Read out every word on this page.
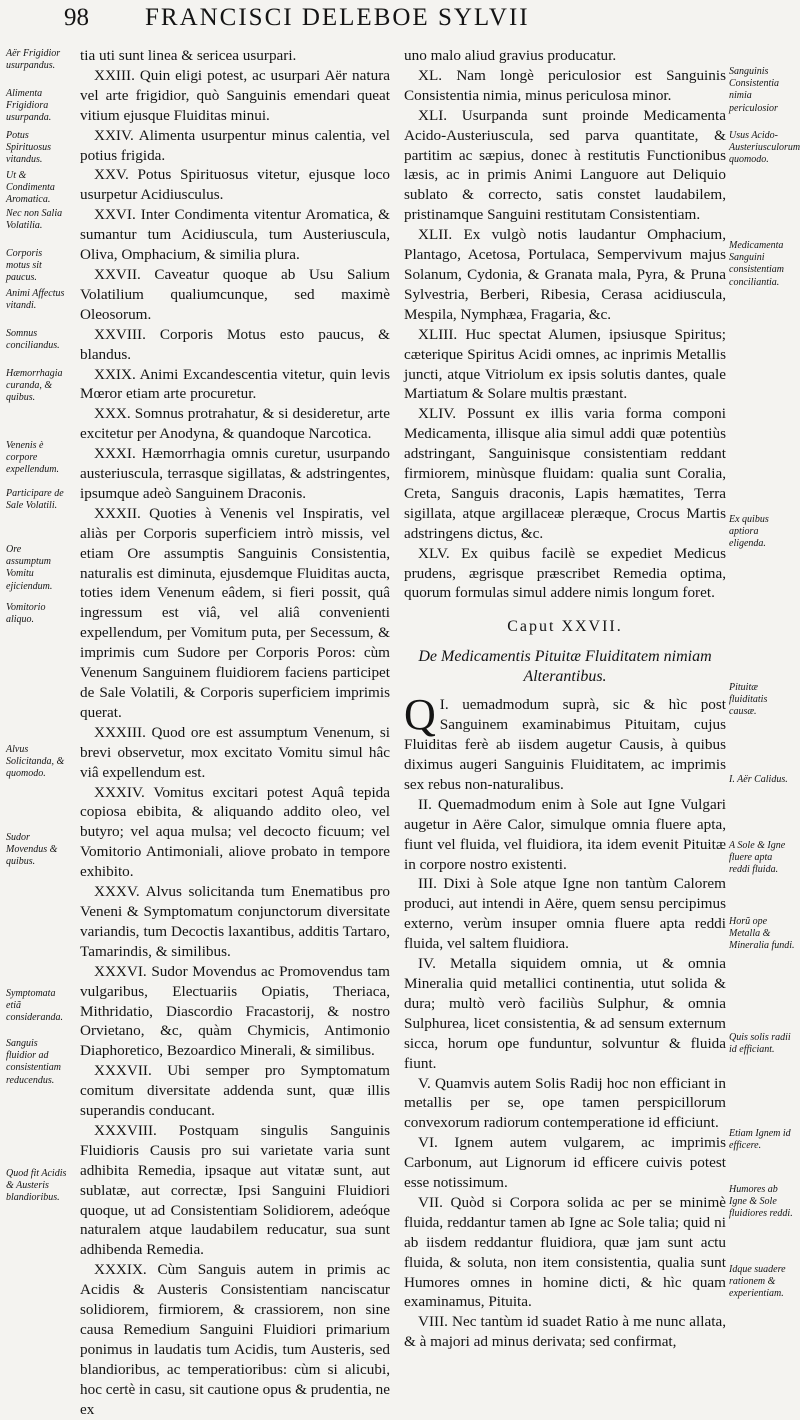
98 FRANCISCI DELEBOE SYLVII
Aër Frigidior usurpandus.
Alimenta Frigidiora usurpanda.
Potus Spirituosus vitandus.
Ut & Condimenta Aromatica.
Nec non Salia Volatilia.
Corporis motus sit paucus.
Animi Affectus vitandi.
Somnus conciliandus.
Hæmorrhagia curanda, & quibus.
Venenis è corpore expellendum.
Participare de Sale Volatili.
Ore assumptum Vomitu ejiciendum.
Vomitorio aliquo.
Alvus Solicitanda, & quomodo.
Sudor Movendus & quibus.
Symptomata etiã consideranda.
Sanguis fluidior ad consistentiam reducendus.
Quod fit Acidis & Austeris blandioribus.
Sanguinis Consistentia nimia periculosior
Usus Acido-Austeriusculorum quomodo.
Medicamenta Sanguini consistentiam conciliantia.
Ex quibus aptiora eligenda.
Pituitæ fluiditatis causæ.
I. Aër Calidus.
A Sole & Igne fluere apta reddi fluida.
Horũ ope Metalla & Mineralia fundi.
Quis solis radii id efficiant.
Etiam Ignem id efficere.
Humores ab Igne & Sole fluidiores reddi.
Idque suadere rationem & experientiam.

tia uti sunt linea & sericea usurpari.

XXIII. Quin eligi potest, ac usurpari Aër natura vel arte frigidior, quò Sanguinis emendari queat vitium ejusque Fluiditas minui.

XXIV. Alimenta usurpentur minus calentia, vel potius frigida.

XXV. Potus Spirituosus vitetur, ejusque loco usurpetur Acidiusculus.

XXVI. Inter Condimenta vitentur Aromatica, & sumantur tum Acidiuscula, tum Austeriuscula, Oliva, Omphacium, & similia plura.

XXVII. Caveatur quoque ab Usu Salium Volatilium qualiumcunque, sed maximè Oleosorum.

XXVIII. Corporis Motus esto paucus, & blandus.

XXIX. Animi Excandescentia vitetur, quin levis Mœror etiam arte procuretur.

XXX. Somnus protrahatur, & si desideretur, arte excitetur per Anodyna, & quandoque Narcotica.

XXXI. Hæmorrhagia omnis curetur, usurpando austeriuscula, terrasque sigillatas, & adstringentes, ipsumque adeò Sanguinem Draconis.

XXXII. Quoties à Venenis vel Inspiratis, vel aliàs per Corporis superficiem intrò missis, vel etiam Ore assumptis Sanguinis Consistentia, naturalis est diminuta, ejusdemque Fluiditas aucta, toties idem Venenum eâdem, si fieri possit, quâ ingressum est viâ, vel aliâ convenienti expellendum, per Vomitum puta, per Secessum, & imprimis cum Sudore per Corporis Poros: cùm Venenum Sanguinem fluidiorem faciens participet de Sale Volatili, & Corporis superficiem imprimis querat.

XXXIII. Quod ore est assumptum Venenum, si brevi observetur, mox excitato Vomitu simul hâc viâ expellendum est.

XXXIV. Vomitus excitari potest Aquâ tepida copiosa ebibita, & aliquando addito oleo, vel butyro; vel aqua mulsa; vel decocto ficuum; vel Vomitorio Antimoniali, aliove probato in tempore exhibito.

XXXV. Alvus solicitanda tum Enematibus pro Veneni & Symptomatum conjunctorum diversitate variandis, tum Decoctis laxantibus, additis Tartaro, Tamarindis, & similibus.

XXXVI. Sudor Movendus ac Promovendus tam vulgaribus, Electuariis Opiatis, Theriaca, Mithridatio, Diascordio Fracastorij, & nostro Orvietano, &c, quàm Chymicis, Antimonio Diaphoretico, Bezoardico Minerali, & similibus.

XXXVII. Ubi semper pro Symptomatum comitum diversitate addenda sunt, quæ illis superandis conducant.

XXXVIII. Postquam singulis Sanguinis Fluidioris Causis pro sui varietate varia sunt adhibita Remedia, ipsaque aut vitatæ sunt, aut sublatæ, aut correctæ, Ipsi Sanguini Fluidiori quoque, ut ad Consistentiam Solidiorem, adeóque naturalem atque laudabilem reducatur, sua sunt adhibenda Remedia.

XXXIX. Cùm Sanguis autem in primis ac Acidis & Austeris Consistentiam nanciscatur solidiorem, firmiorem, & crassiorem, non sine causa Remedium Sanguini Fluidiori primarium ponimus in laudatis tum Acidis, tum Austeris, sed blandioribus, ac temperatioribus: cùm si alicubi, hoc certè in casu, sit cautione opus & prudentia, ne ex

uno malo aliud gravius producatur.

XL. Nam longè periculosior est Sanguinis Consistentia nimia, minus periculosa minor.

XLI. Usurpanda sunt proinde Medicamenta Acido-Austeriuscula, sed parva quantitate, & partitim ac sæpius, donec à restitutis Functionibus læsis, ac in primis Animi Languore aut Deliquio sublato & correcto, satis constet laudabilem, pristinamque Sanguini restitutam Consistentiam.

XLII. Ex vulgò notis laudantur Omphacium, Plantago, Acetosa, Portulaca, Sempervivum majus Solanum, Cydonia, & Granata mala, Pyra, & Pruna Sylvestria, Berberi, Ribesia, Cerasa acidiuscula, Mespila, Nymphæa, Fragaria, &c.

XLIII. Huc spectat Alumen, ipsiusque Spiritus; cæterique Spiritus Acidi omnes, ac inprimis Metallis juncti, atque Vitriolum ex ipsis solutis dantes, quale Martiatum & Solare multis præstant.

XLIV. Possunt ex illis varia forma componi Medicamenta, illisque alia simul addi quæ potentiùs adstringant, Sanguinisque consistentiam reddant firmiorem, minùsque fluidam: qualia sunt Coralia, Creta, Sanguis draconis, Lapis hæmatites, Terra sigillata, atque argillaceæ pleræque, Crocus Martis adstringens dictus, &c.

XLV. Ex quibus facilè se expediet Medicus prudens, ægrisque præscribet Remedia optima, quorum formulas simul addere nimis longum foret.

Caput XXVII.
De Medicamentis Pituitæ Fluiditatem nimiam Alterantibus.

I.
Q uemadmodum suprà, sic & hìc post Sanguinem examinabimus Pituitam, cujus Fluiditas ferè ab iisdem augetur Causis, à quibus diximus augeri Sanguinis Fluiditatem, ac imprimis sex rebus non-naturalibus.

II. Quemadmodum enim à Sole aut Igne Vulgari augetur in Aëre Calor, simulque omnia fluere apta, fiunt vel fluida, vel fluidiora, ita idem evenit Pituitæ in corpore nostro existenti.

III. Dixi à Sole atque Igne non tantùm Calorem produci, aut intendi in Aëre, quem sensu percipimus externo, verùm insuper omnia fluere apta reddi fluida, vel saltem fluidiora.

IV. Metalla siquidem omnia, ut & omnia Mineralia quid metallici continentia, utut solida & dura; multò verò faciliùs Sulphur, & omnia Sulphurea, licet consistentia, & ad sensum externum sicca, horum ope funduntur, solvuntur & fluida fiunt.

V. Quamvis autem Solis Radij hoc non efficiant in metallis per se, ope tamen perspicillorum convexorum radiorum contemperatione id efficiunt.

VI. Ignem autem vulgarem, ac imprimis Carbonum, aut Lignorum id efficere cuivis potest esse notissimum.

VII. Quòd si Corpora solida ac per se minimè fluida, reddantur tamen ab Igne ac Sole talia; quid ni ab iisdem reddantur fluidiora, quæ jam sunt actu fluida, & soluta, non item consistentia, qualia sunt Humores omnes in homine dicti, & hìc quam examinamus, Pituita.

VIII. Nec tantùm id suadet Ratio à me nunc allata, & à majori ad minus derivata; sed confirmat,
